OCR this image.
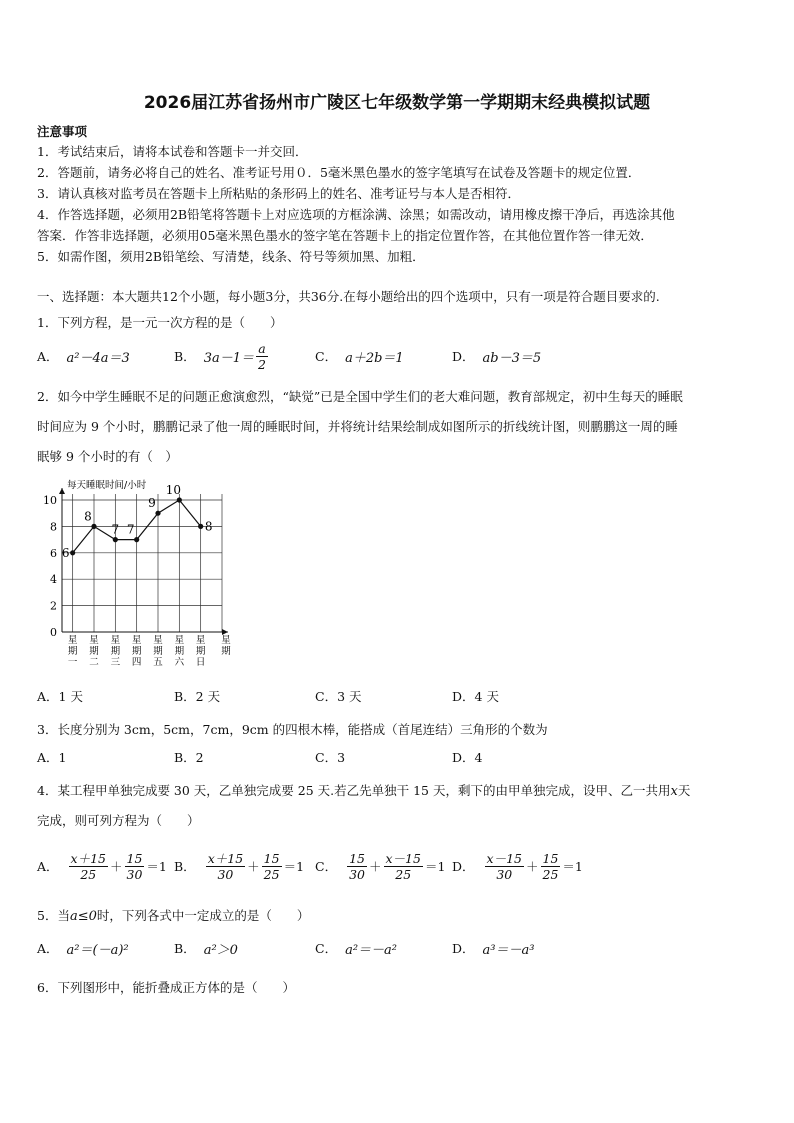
2026届江苏省扬州市广陵区七年级数学第一学期期末经典模拟试题
注意事项
1．考试结束后，请将本试卷和答题卡一并交回．
2．答题前，请务必将自己的姓名、准考证号用０．5毫米黑色墨水的签字笔填写在试卷及答题卡的规定位置．
3．请认真核对监考员在答题卡上所粘贴的条形码上的姓名、准考证号与本人是否相符．
4．作答选择题，必须用2B铅笔将答题卡上对应选项的方框涂满、涂黑；如需改动，请用橡皮擦干净后，再选涂其他
答案．作答非选择题，必须用05毫米黑色墨水的签字笔在答题卡上的指定位置作答，在其他位置作答一律无效．
5．如需作图，须用2B铅笔绘、写清楚，线条、符号等须加黑、加粗．
一、选择题：本大题共12个小题，每小题3分，共36分.在每小题给出的四个选项中，只有一项是符合题目要求的.
1．下列方程，是一元一次方程的是（　　）
A． a²－4a＝3	B． $3a-1= \frac{a}{2}$	C． a＋2b＝1	D． ab－3＝5
2．如今中学生睡眠不足的问题正愈演愈烈，“缺觉”已是全国中学生们的老大难问题，教育部规定，初中生每天的睡眠
时间应为 9 个小时，鹏鹏记录了他一周的睡眠时间，并将统计结果绘制成如图所示的折线统计图，则鹏鹏这一周的睡
眠够 9 个小时的有（　）
0
2
4
6
8
10
每天睡眠时间/小时
6
8
7 7
9
10
8
星
期
一
星
期
二
星
期
三
星
期
四
星
期
五
星
期
六
星
期
日
星
期
A．1 天	B．2 天	C．3 天	D．4 天
3．长度分别为 3cm，5cm，7cm，9cm 的四根木棒，能搭成（首尾连结）三角形的个数为
A．1	B．2	C．3	D．4
4．某工程甲单独完成要 30 天，乙单独完成要 25 天.若乙先单独干 15 天，剩下的由甲单独完成，设甲、乙一共用x天
完成，则可列方程为（　　）
A． $\frac{x+15}{25} + \frac{15}{30} =1$ B． $\frac{x+15}{30} + \frac{15}{25} =1$ C． $\frac{15}{30} + \frac{x-15}{25} =1$ D． $\frac{x-15}{30} + \frac{15}{25} =1$
5．当a≤0时，下列各式中一定成立的是（　　）
A． a²＝(－a)²	B． a²＞0	C． a²＝－a²	D． a³＝－a³
6．下列图形中，能折叠成正方体的是（　　）
